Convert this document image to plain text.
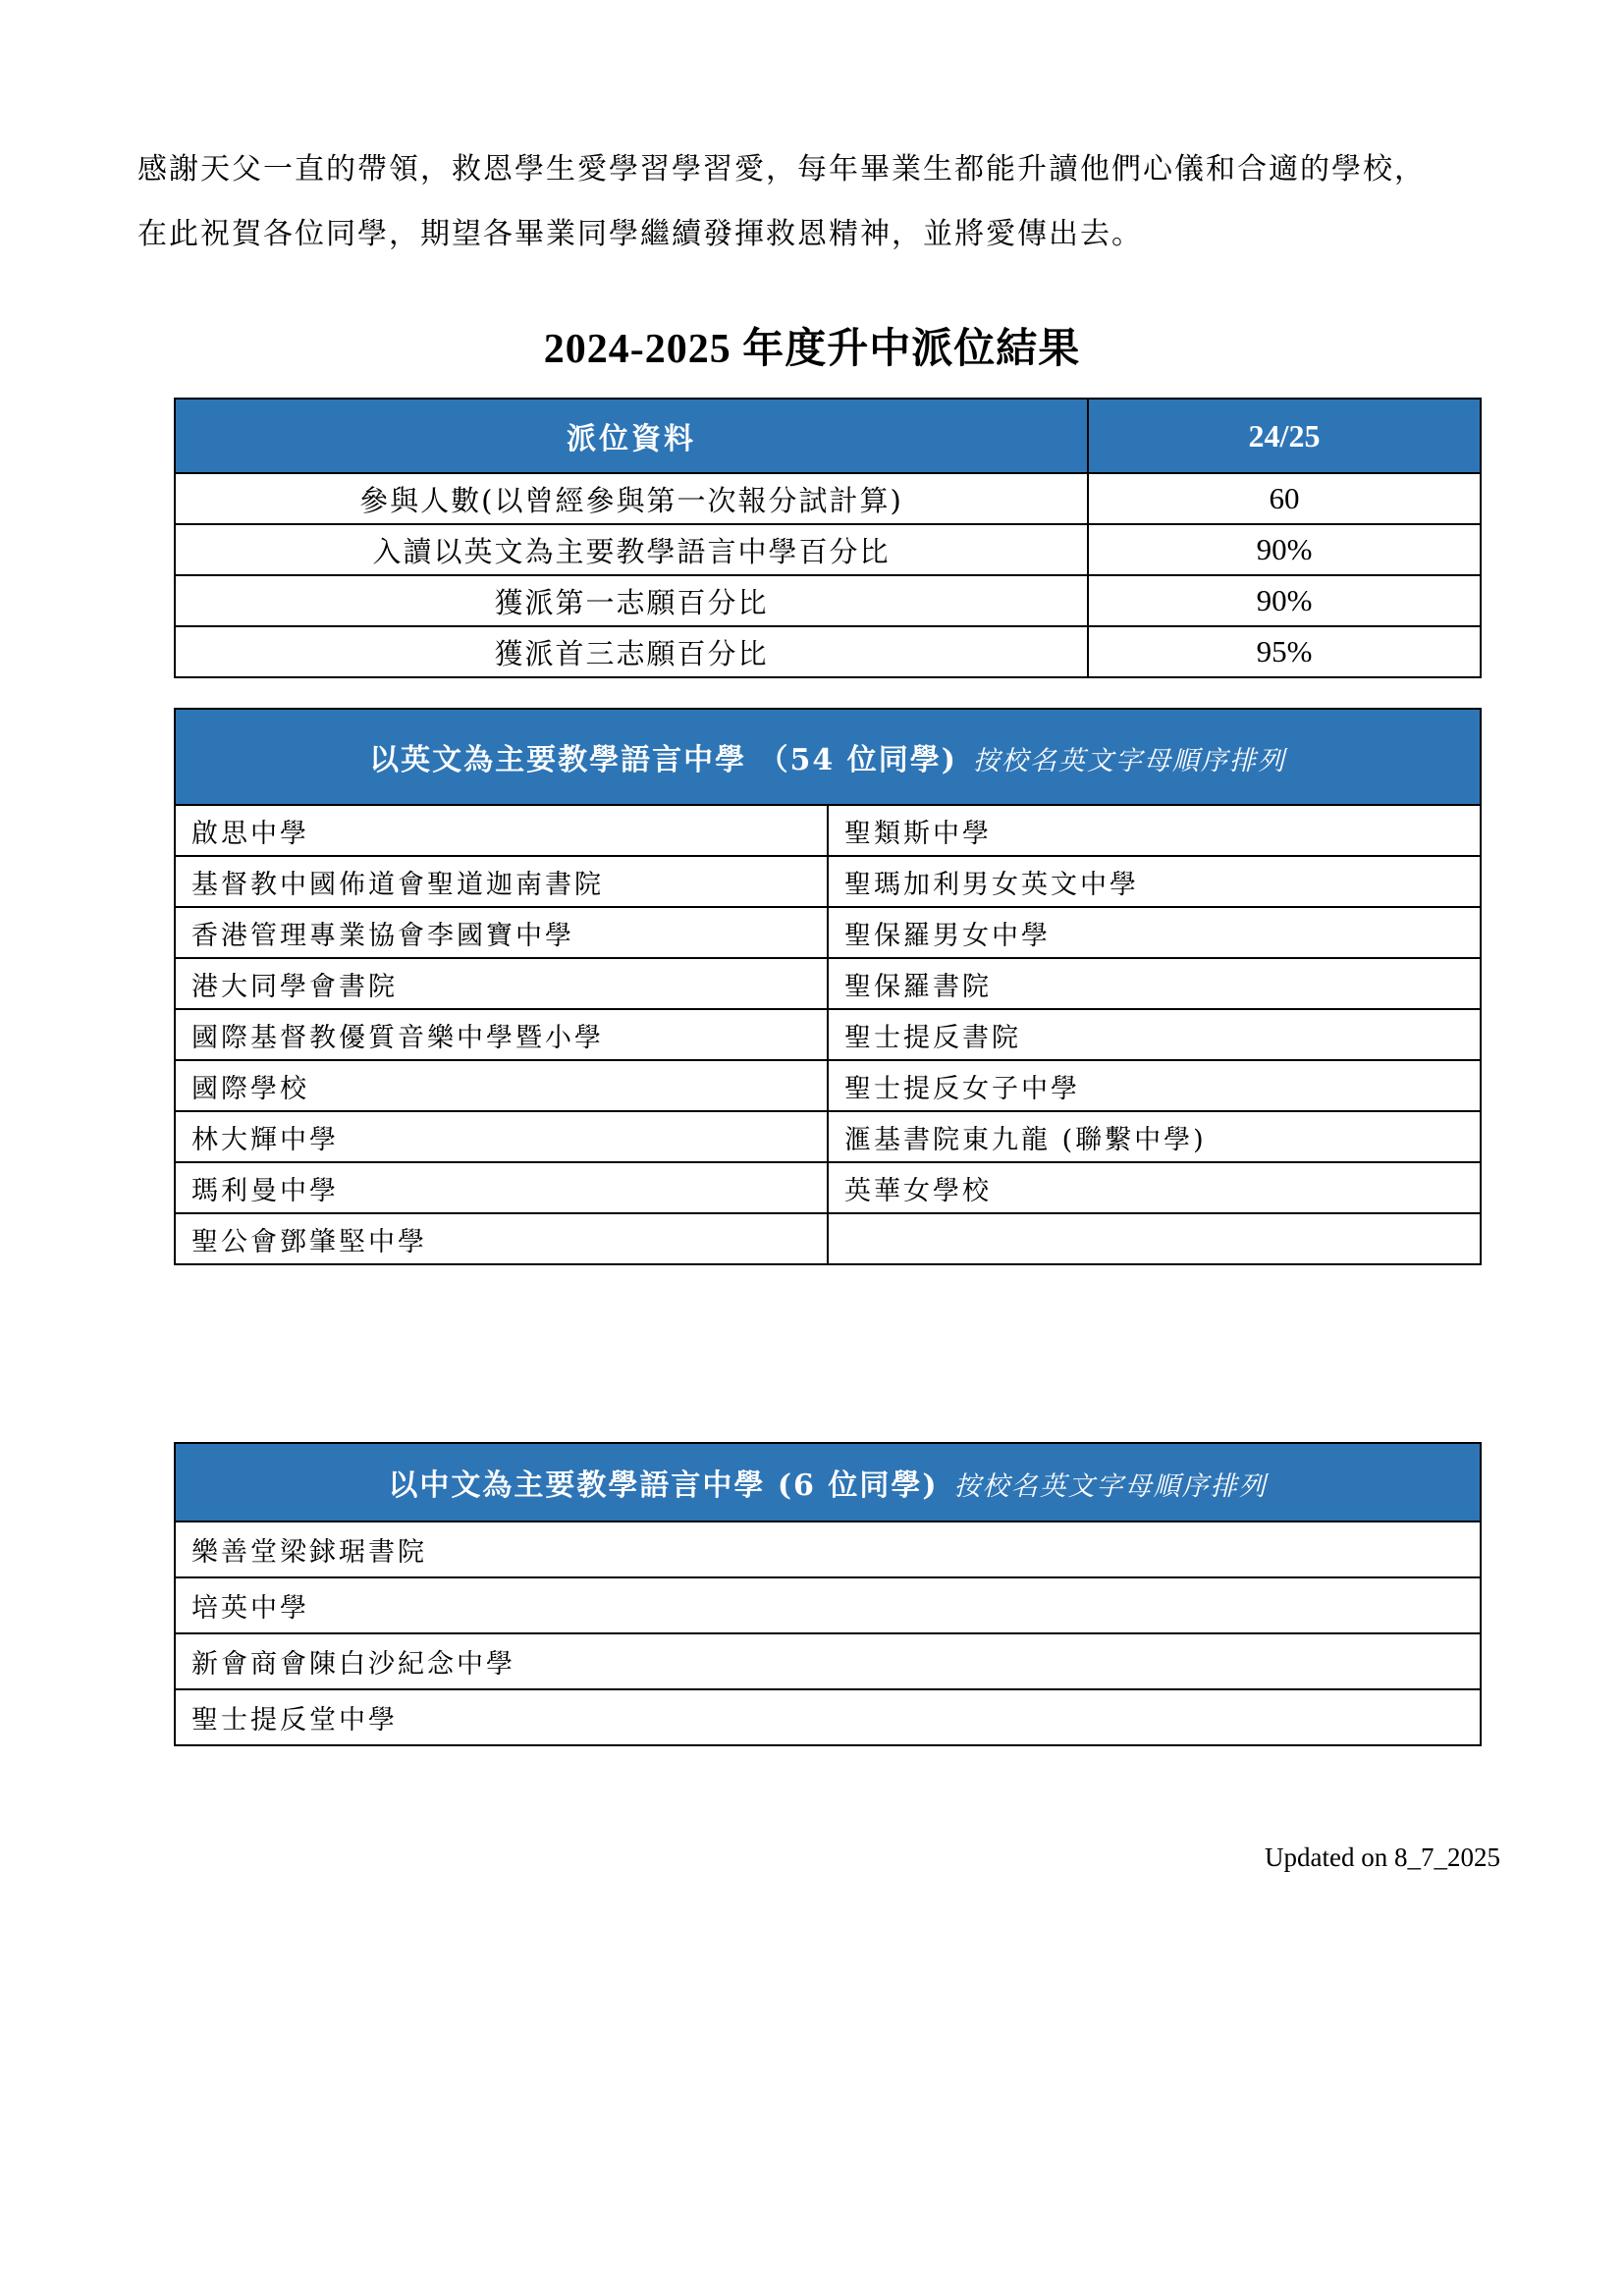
感謝天父一直的帶領，救恩學生愛學習學習愛，每年畢業生都能升讀他們心儀和合適的學校，

在此祝賀各位同學，期望各畢業同學繼續發揮救恩精神，並將愛傳出去。

2024-2025 年度升中派位結果
派位資料	24/25
參與人數(以曾經參與第一次報分試計算)	60
入讀以英文為主要教學語言中學百分比	90%
獲派第一志願百分比	90%
獲派首三志願百分比	95%
以英文為主要教學語言中學 （54 位同學) 按校名英文字母順序排列	
啟思中學	聖類斯中學
基督教中國佈道會聖道迦南書院	聖瑪加利男女英文中學
香港管理專業協會李國寶中學	聖保羅男女中學
港大同學會書院	聖保羅書院
國際基督教優質音樂中學暨小學	聖士提反書院
國際學校	聖士提反女子中學
林大輝中學	滙基書院東九龍 (聯繫中學)
瑪利曼中學	英華女學校
聖公會鄧肇堅中學	
以中文為主要教學語言中學 (6 位同學) 按校名英文字母順序排列
樂善堂梁銶琚書院
培英中學
新會商會陳白沙紀念中學
聖士提反堂中學
Updated on 8_7_2025
